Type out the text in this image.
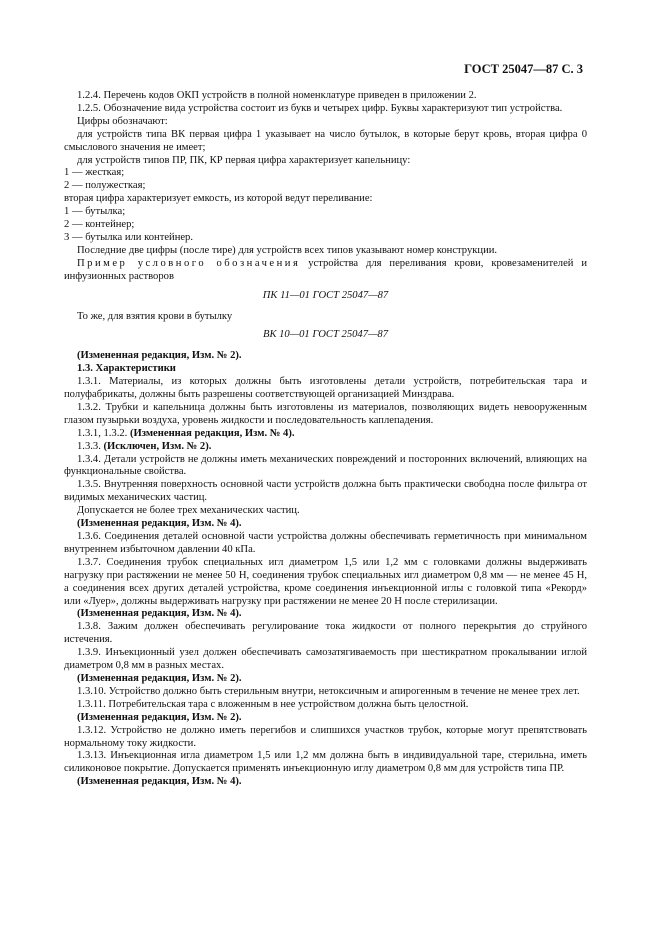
ГОСТ 25047—87 С. 3

1.2.4. Перечень кодов ОКП устройств в полной номенклатуре приведен в приложении 2.

1.2.5. Обозначение вида устройства состоит из букв и четырех цифр. Буквы характеризуют тип устройства.

Цифры обозначают:

для устройств типа ВК первая цифра 1 указывает на число бутылок, в которые берут кровь, вторая цифра 0 смыслового значения не имеет;

для устройств типов ПР, ПК, КР первая цифра характеризует капельницу:

1 — жесткая;

2 — полужесткая;

вторая цифра характеризует емкость, из которой ведут переливание:

1 — бутылка;

2 — контейнер;

3 — бутылка или контейнер.

Последние две цифры (после тире) для устройств всех типов указывают номер конструкции.

Пример условного обозначения устройства для переливания крови, кровезаменителей и инфузионных растворов

ПК 11—01 ГОСТ 25047—87

То же, для взятия крови в бутылку

ВК 10—01 ГОСТ 25047—87

(Измененная редакция, Изм. № 2).

1.3. Характеристики

1.3.1. Материалы, из которых должны быть изготовлены детали устройств, потребительская тара и полуфабрикаты, должны быть разрешены соответствующей организацией Минздрава.

1.3.2. Трубки и капельница должны быть изготовлены из материалов, позволяющих видеть невооруженным глазом пузырьки воздуха, уровень жидкости и последовательность каплепадения.

1.3.1, 1.3.2. (Измененная редакция, Изм. № 4).

1.3.3. (Исключен, Изм. № 2).

1.3.4. Детали устройств не должны иметь механических повреждений и посторонних включений, влияющих на функциональные свойства.

1.3.5. Внутренняя поверхность основной части устройств должна быть практически свободна после фильтра от видимых механических частиц.

Допускается не более трех механических частиц.

(Измененная редакция, Изм. № 4).

1.3.6. Соединения деталей основной части устройства должны обеспечивать герметичность при минимальном внутреннем избыточном давлении 40 кПа.

1.3.7. Соединения трубок специальных игл диаметром 1,5 или 1,2 мм с головками должны выдерживать нагрузку при растяжении не менее 50 Н, соединения трубок специальных игл диаметром 0,8 мм — не менее 45 Н, а соединения всех других деталей устройства, кроме соединения инъекционной иглы с головкой типа «Рекорд» или «Луер», должны выдерживать нагрузку при растяжении не менее 20 Н после стерилизации.

(Измененная редакция, Изм. № 4).

1.3.8. Зажим должен обеспечивать регулирование тока жидкости от полного перекрытия до струйного истечения.

1.3.9. Инъекционный узел должен обеспечивать самозатягиваемость при шестикратном прокалывании иглой диаметром 0,8 мм в разных местах.

(Измененная редакция, Изм. № 2).

1.3.10. Устройство должно быть стерильным внутри, нетоксичным и апирогенным в течение не менее трех лет.

1.3.11. Потребительская тара с вложенным в нее устройством должна быть целостной.

(Измененная редакция, Изм. № 2).

1.3.12. Устройство не должно иметь перегибов и слипшихся участков трубок, которые могут препятствовать нормальному току жидкости.

1.3.13. Инъекционная игла диаметром 1,5 или 1,2 мм должна быть в индивидуальной таре, стерильна, иметь силиконовое покрытие. Допускается применять инъекционную иглу диаметром 0,8 мм для устройств типа ПР.

(Измененная редакция, Изм. № 4).
